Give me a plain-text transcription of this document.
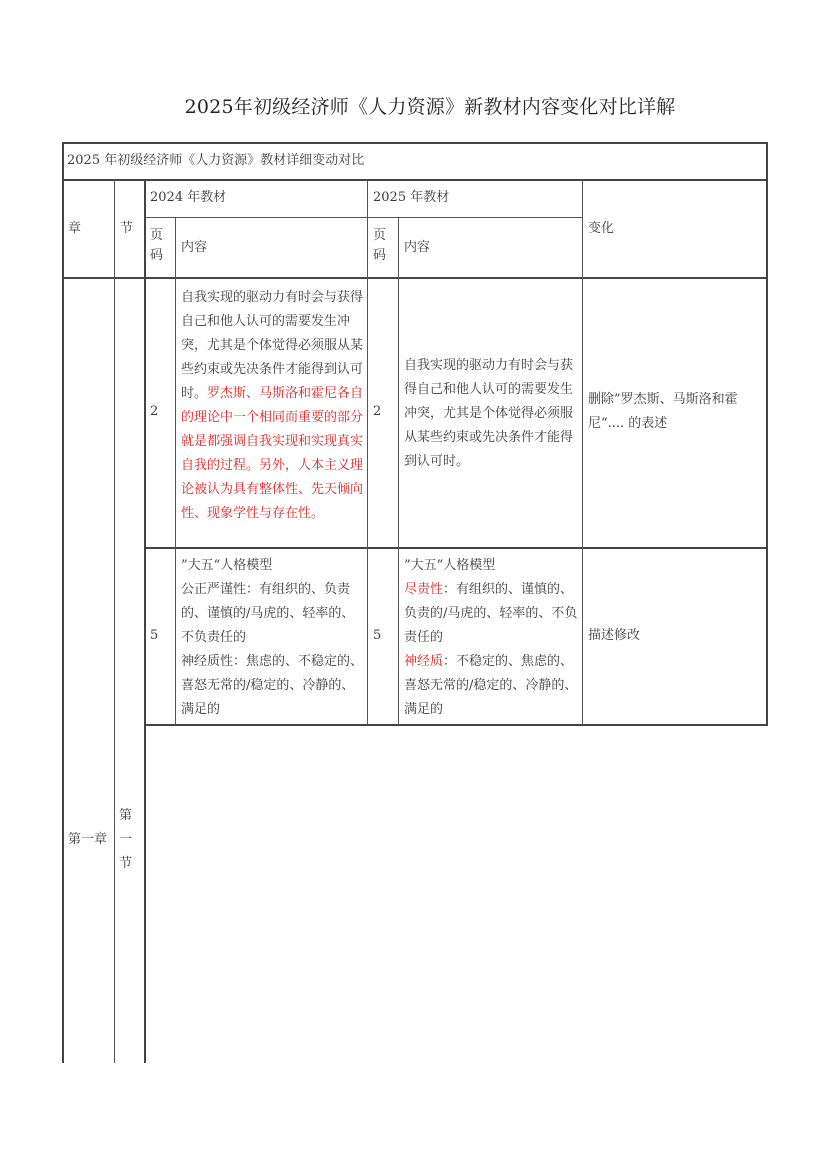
2025年初级经济师《人力资源》新教材内容变化对比详解
2025 年初级经济师《人力资源》教材详细变动对比
章	节
2024 年教材	2025 年教材
页
码
内容
页
码
内容
变化
第一章
第
一
节
2
自我实现的驱动力有时会与获得自己和他人认可的需要发生冲突，尤其是个体觉得必须服从某些约束或先决条件才能得到认可时。罗杰斯、马斯洛和霍尼各自的理论中一个相同而重要的部分就是都强调自我实现和实现真实自我的过程。另外，人本主义理论被认为具有整体性、先天倾向性、现象学性与存在性。
2
自我实现的驱动力有时会与获得自己和他人认可的需要发生冲突，尤其是个体觉得必须服从某些约束或先决条件才能得到认可时。
删除”罗杰斯、马斯洛和霍尼“.... 的表述
5
”大五“人格模型
公正严谨性：有组织的、负责的、谨慎的/马虎的、轻率的、不负责任的
神经质性：焦虑的、不稳定的、喜怒无常的/稳定的、冷静的、满足的
5
”大五“人格模型
尽责性：有组织的、谨慎的、负责的/马虎的、轻率的、不负责任的
神经质：不稳定的、焦虑的、喜怒无常的/稳定的、冷静的、满足的
描述修改
